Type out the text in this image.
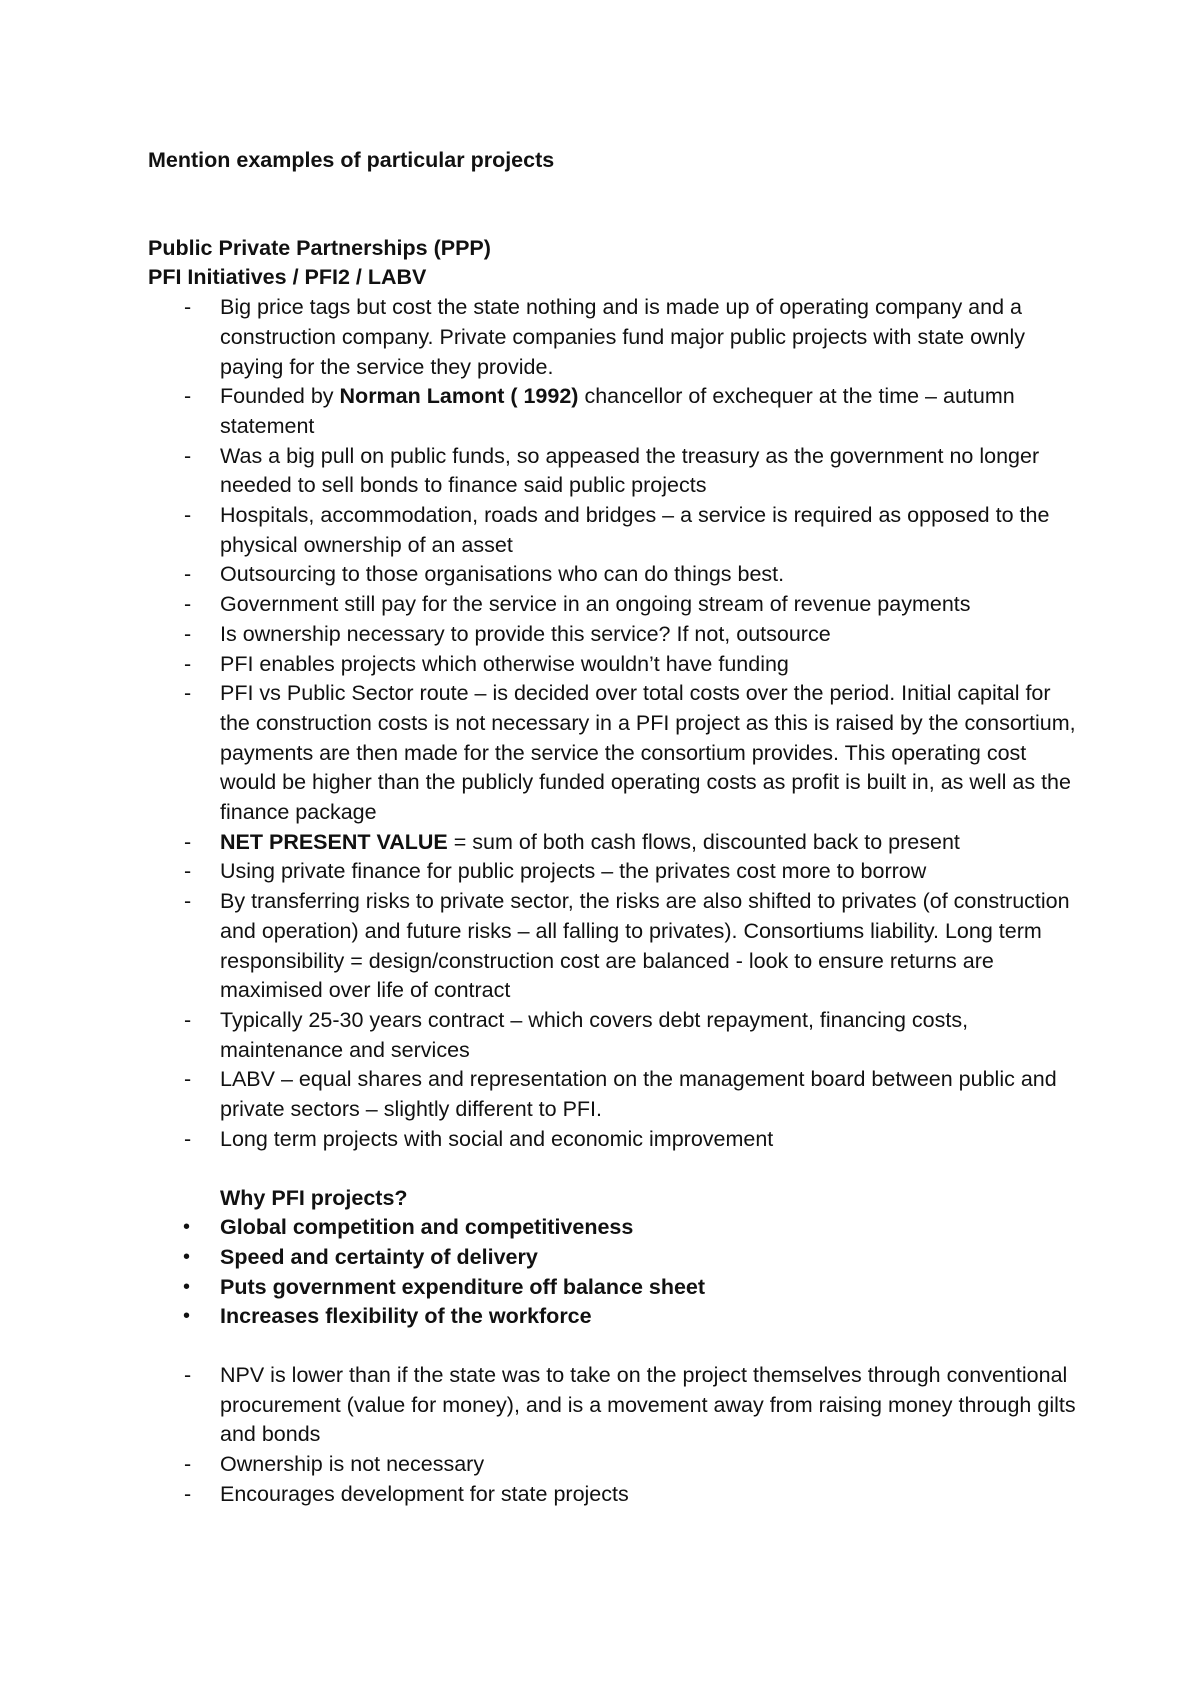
Mention examples of particular projects

Public Private Partnerships (PPP)

PFI Initiatives / PFI2 / LABV

-	Big price tags but cost the state nothing and is made up of operating company and a construction company. Private companies fund major public projects with state ownly paying for the service they provide.
-	Founded by Norman Lamont ( 1992) chancellor of exchequer at the time – autumn statement
-	Was a big pull on public funds, so appeased the treasury as the government no longer needed to sell bonds to finance said public projects
-	Hospitals, accommodation, roads and bridges – a service is required as opposed to the physical ownership of an asset
-	Outsourcing to those organisations who can do things best.
-	Government still pay for the service in an ongoing stream of revenue payments
-	Is ownership necessary to provide this service? If not, outsource
-	PFI enables projects which otherwise wouldn’t have funding
-	PFI vs Public Sector route – is decided over total costs over the period. Initial capital for the construction costs is not necessary in a PFI project as this is raised by the consortium, payments are then made for the service the consortium provides. This operating cost would be higher than the publicly funded operating costs as profit is built in, as well as the finance package
-	NET PRESENT VALUE = sum of both cash flows, discounted back to present
-	Using private finance for public projects – the privates cost more to borrow
-	By transferring risks to private sector, the risks are also shifted to privates (of construction and operation) and future risks – all falling to privates). Consortiums liability. Long term responsibility = design/construction cost are balanced - look to ensure returns are maximised over life of contract
-	Typically 25-30 years contract – which covers debt repayment, financing costs, maintenance and services
-	LABV – equal shares and representation on the management board between public and private sectors – slightly different to PFI.
-	Long term projects with social and economic improvement

Why PFI projects?

•	Global competition and competitiveness
•	Speed and certainty of delivery
•	Puts government expenditure off balance sheet
•	Increases flexibility of the workforce
-	NPV is lower than if the state was to take on the project themselves through conventional procurement (value for money), and is a movement away from raising money through gilts and bonds
-	Ownership is not necessary
-	Encourages development for state projects
